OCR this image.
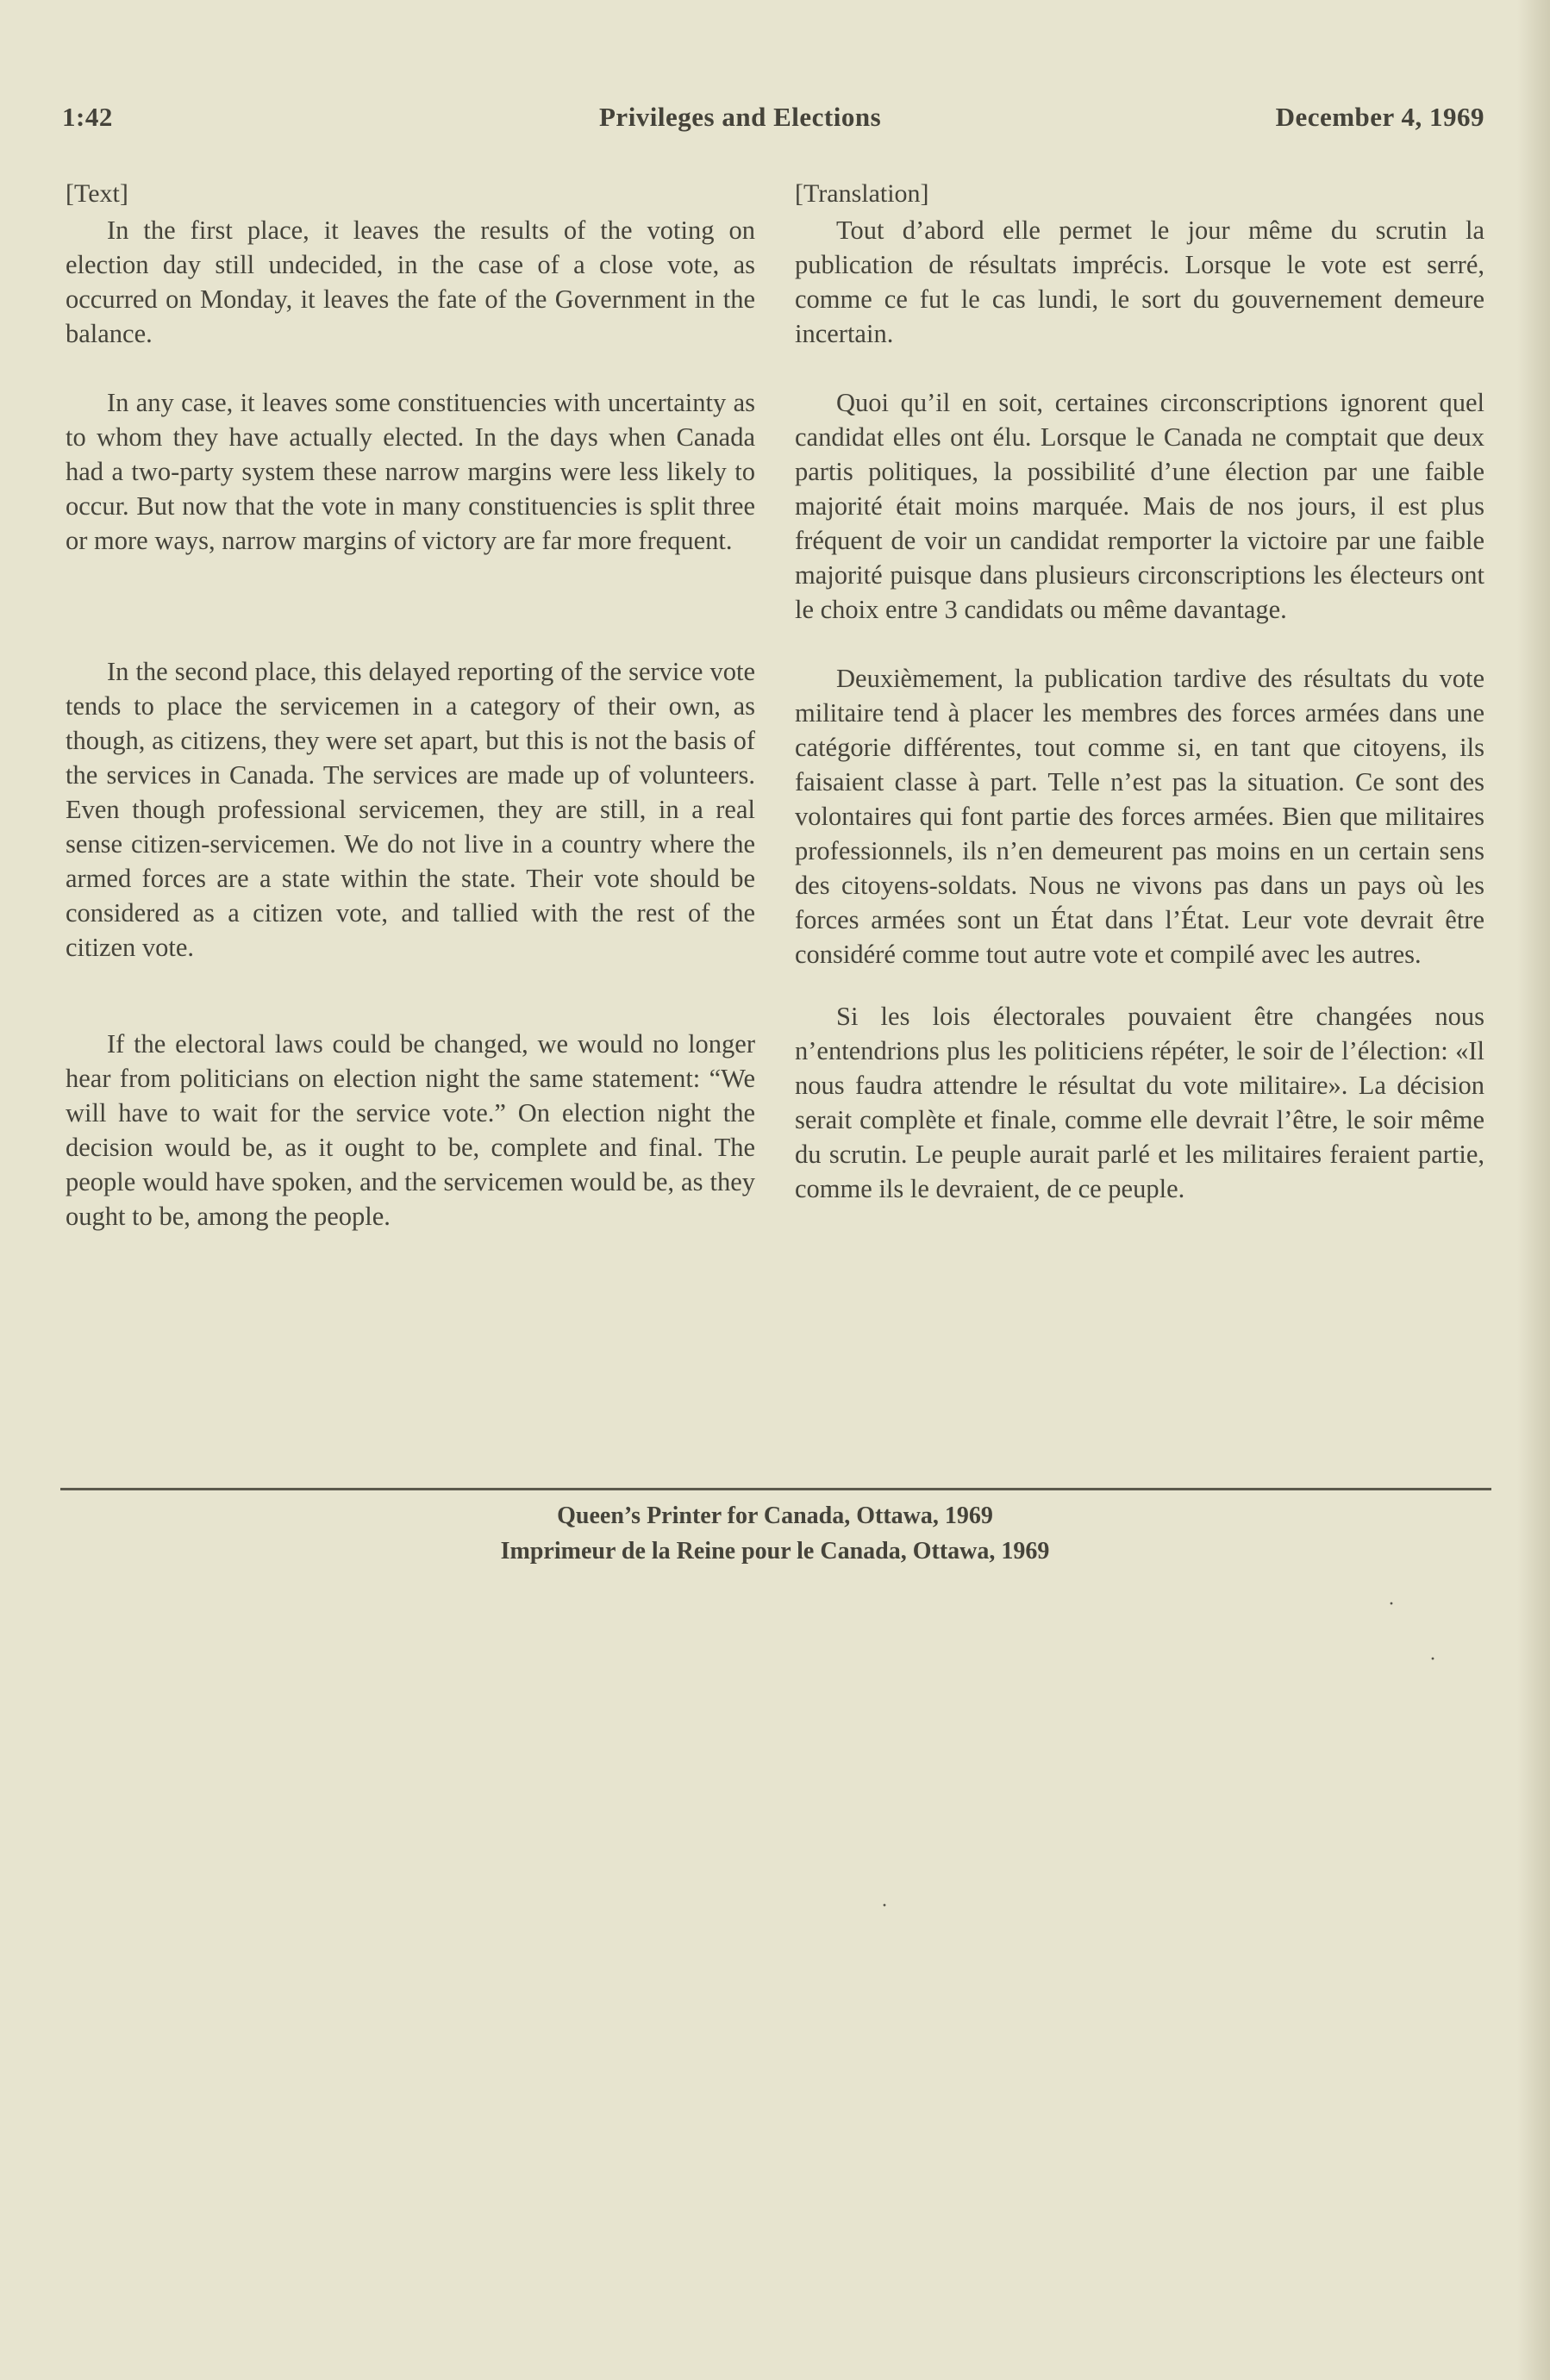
1:42	Privileges and Elections	December 4, 1969
[Text]

In the first place, it leaves the results of the voting on election day still undecided, in the case of a close vote, as occurred on Monday, it leaves the fate of the Government in the balance.

In any case, it leaves some constituencies with uncertainty as to whom they have actually elected. In the days when Canada had a two-party system these narrow margins were less likely to occur. But now that the vote in many constituencies is split three or more ways, narrow margins of victory are far more frequent.

In the second place, this delayed reporting of the service vote tends to place the servicemen in a category of their own, as though, as citizens, they were set apart, but this is not the basis of the services in Canada. The services are made up of volunteers. Even though professional servicemen, they are still, in a real sense citizen-servicemen. We do not live in a country where the armed forces are a state within the state. Their vote should be considered as a citizen vote, and tallied with the rest of the citizen vote.

If the electoral laws could be changed, we would no longer hear from politicians on election night the same statement: “We will have to wait for the service vote.” On election night the decision would be, as it ought to be, complete and final. The people would have spoken, and the servicemen would be, as they ought to be, among the people.

[Translation]

Tout d’abord elle permet le jour même du scrutin la publication de résultats imprécis. Lorsque le vote est serré, comme ce fut le cas lundi, le sort du gouvernement demeure incertain.

Quoi qu’il en soit, certaines circonscriptions ignorent quel candidat elles ont élu. Lorsque le Canada ne comptait que deux partis politiques, la possibilité d’une élection par une faible majorité était moins marquée. Mais de nos jours, il est plus fréquent de voir un candidat remporter la victoire par une faible majorité puisque dans plusieurs circonscriptions les électeurs ont le choix entre 3 candidats ou même davantage.

Deuxièmement, la publication tardive des résultats du vote militaire tend à placer les membres des forces armées dans une catégorie différentes, tout comme si, en tant que citoyens, ils faisaient classe à part. Telle n’est pas la situation. Ce sont des volontaires qui font partie des forces armées. Bien que militaires professionnels, ils n’en demeurent pas moins en un certain sens des citoyens-soldats. Nous ne vivons pas dans un pays où les forces armées sont un État dans l’État. Leur vote devrait être considéré comme tout autre vote et compilé avec les autres.

Si les lois électorales pouvaient être changées nous n’entendrions plus les politiciens répéter, le soir de l’élection: «Il nous faudra attendre le résultat du vote militaire». La décision serait complète et finale, comme elle devrait l’être, le soir même du scrutin. Le peuple aurait parlé et les militaires feraient partie, comme ils le devraient, de ce peuple.

Queen’s Printer for Canada, Ottawa, 1969
Imprimeur de la Reine pour le Canada, Ottawa, 1969
·
·
·
